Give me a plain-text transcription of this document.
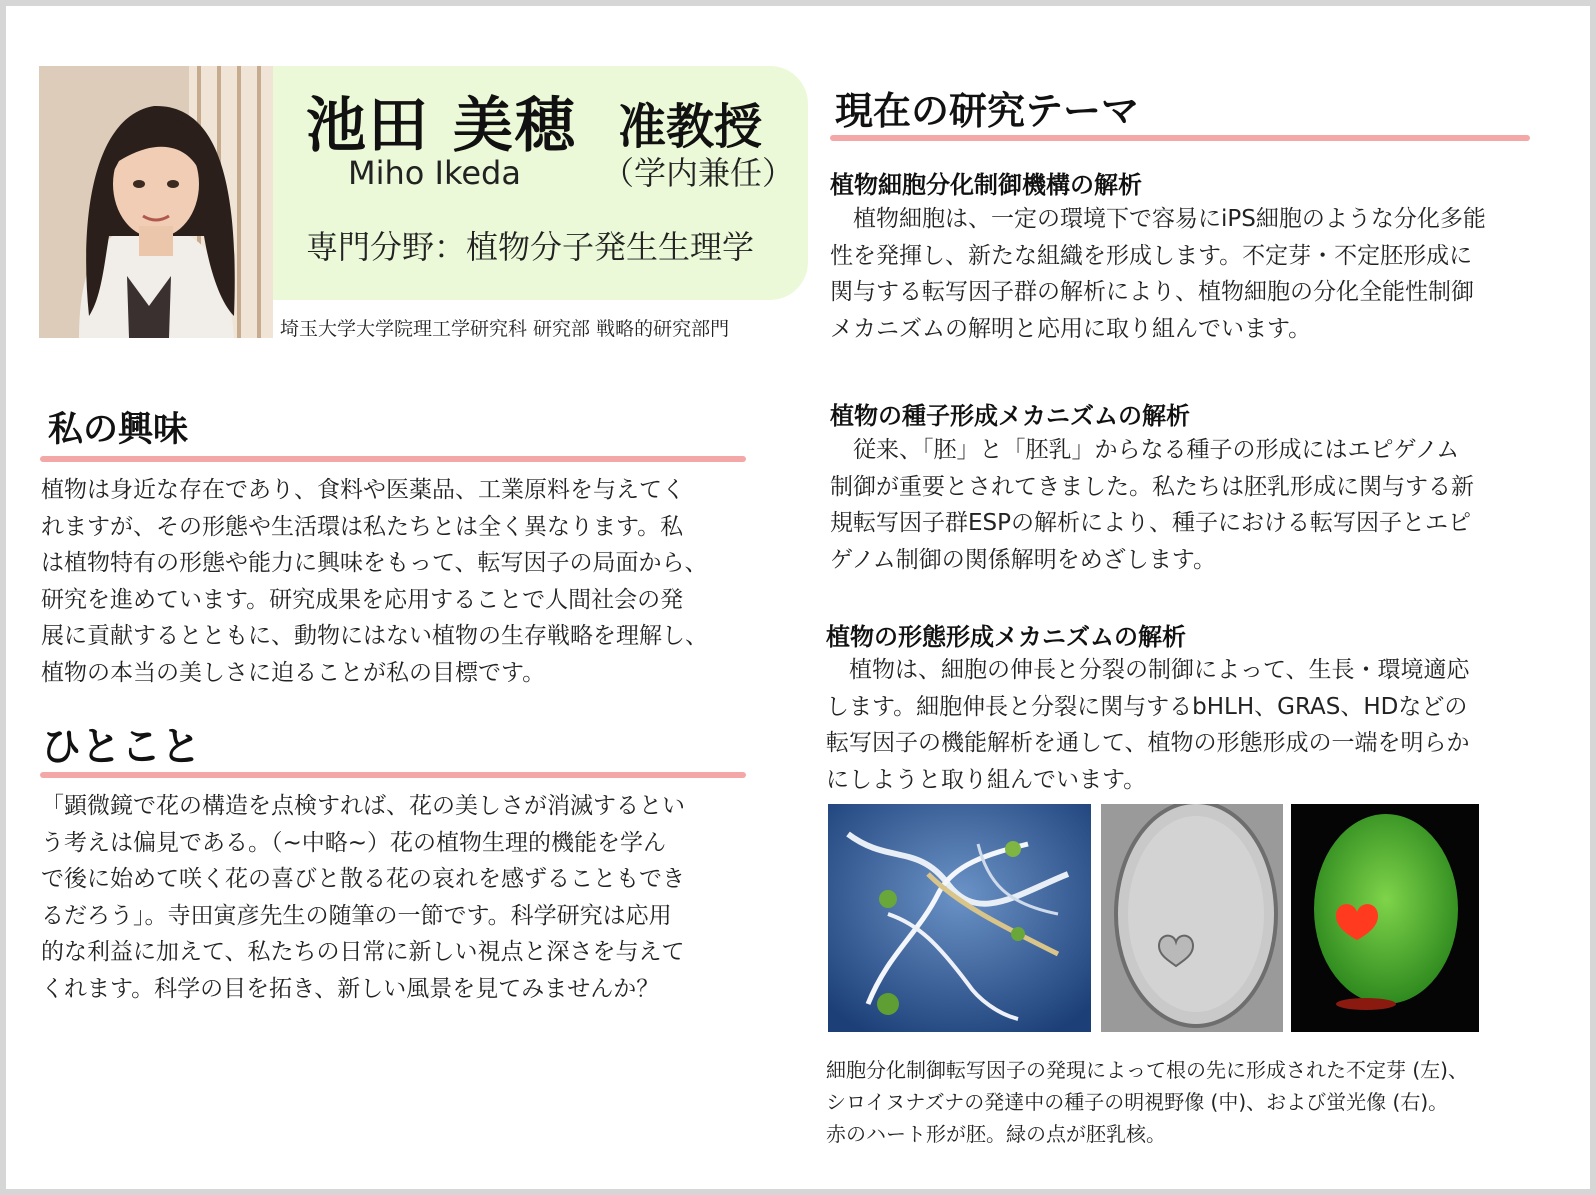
池田 美穂 准教授
Miho Ikeda	（学内兼任）
専門分野：植物分子発生生理学
埼玉大学大学院理工学研究科 研究部 戦略的研究部門
私の興味

植物は身近な存在であり、食料や医薬品、工業原料を与えてく
れますが、その形態や生活環は私たちとは全く異なります。私
は植物特有の形態や能力に興味をもって、転写因子の局面から、
研究を進めています。研究成果を応用することで人間社会の発
展に貢献するとともに、動物にはない植物の生存戦略を理解し、
植物の本当の美しさに迫ることが私の目標です。

ひとこと

「顕微鏡で花の構造を点検すれば、花の美しさが消滅するとい
う考えは偏見である。（~中略~）花の植物生理的機能を学ん
で後に始めて咲く花の喜びと散る花の哀れを感ずることもでき
るだろう」。寺田寅彦先生の随筆の一節です。科学研究は応用
的な利益に加えて、私たちの日常に新しい視点と深さを与えて
くれます。科学の目を拓き、新しい風景を見てみませんか？

現在の研究テーマ
植物細胞分化制御機構の解析

　植物細胞は、一定の環境下で容易にiPS細胞のような分化多能
性を発揮し、新たな組織を形成します。不定芽・不定胚形成に
関与する転写因子群の解析により、植物細胞の分化全能性制御
メカニズムの解明と応用に取り組んでいます。

植物の種子形成メカニズムの解析

　従来、「胚」と「胚乳」からなる種子の形成にはエピゲノム
制御が重要とされてきました。私たちは胚乳形成に関与する新
規転写因子群ESPの解析により、種子における転写因子とエピ
ゲノム制御の関係解明をめざします。

植物の形態形成メカニズムの解析

　植物は、細胞の伸長と分裂の制御によって、生長・環境適応
します。細胞伸長と分裂に関与するbHLH、GRAS、HDなどの
転写因子の機能解析を通して、植物の形態形成の一端を明らか
にしようと取り組んでいます。

細胞分化制御転写因子の発現によって根の先に形成された不定芽 (左)、
シロイヌナズナの発達中の種子の明視野像 (中)、および蛍光像 (右)。
赤のハート形が胚。緑の点が胚乳核。
